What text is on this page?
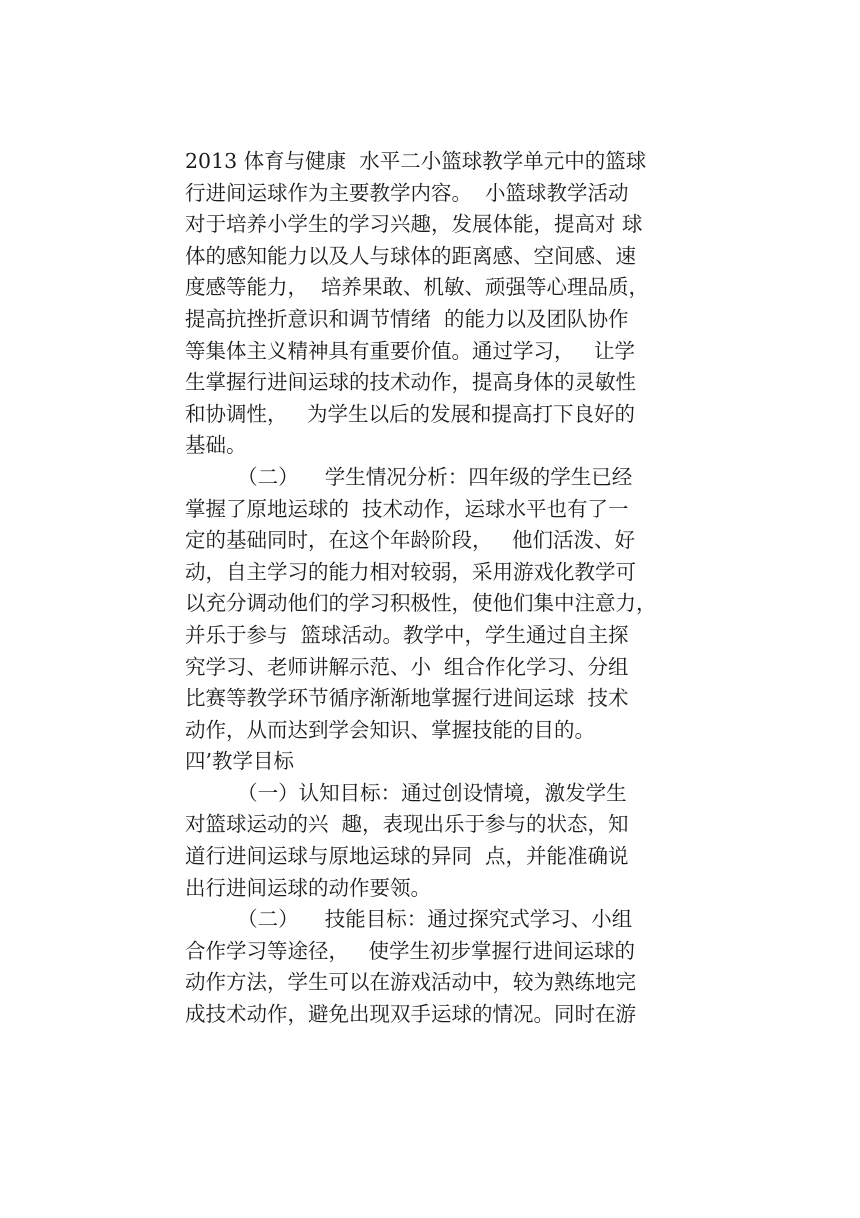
2013 体育与健康  水平二小篮球教学单元中的篮球
行进间运球作为主要教学内容。  小篮球教学活动
对于培养小学生的学习兴趣，发展体能，提高对 球
体的感知能力以及人与球体的距离感、空间感、速
度感等能力，  培养果敢、机敏、顽强等心理品质，
提高抗挫折意识和调节情绪  的能力以及团队协作
等集体主义精神具有重要价值。通过学习，   让学
生掌握行进间运球的技术动作，提高身体的灵敏性
和协调性，   为学生以后的发展和提高打下良好的
基础。
（二）    学生情况分析：四年级的学生已经
掌握了原地运球的  技术动作，运球水平也有了一
定的基础同时，在这个年龄阶段，   他们活泼、好
动，自主学习的能力相对较弱，采用游戏化教学可
以充分调动他们的学习积极性，使他们集中注意力，
并乐于参与  篮球活动。教学中，学生通过自主探
究学习、老师讲解示范、小  组合作化学习、分组
比赛等教学环节循序渐渐地掌握行进间运球  技术
动作，从而达到学会知识、掌握技能的目的。
四’教学目标
（一）认知目标：通过创设情境，激发学生
对篮球运动的兴  趣，表现出乐于参与的状态，知
道行进间运球与原地运球的异同  点，并能准确说
出行进间运球的动作要领。
（二）    技能目标：通过探究式学习、小组
合作学习等途径，   使学生初步掌握行进间运球的
动作方法，学生可以在游戏活动中，较为熟练地完
成技术动作，避免出现双手运球的情况。同时在游
